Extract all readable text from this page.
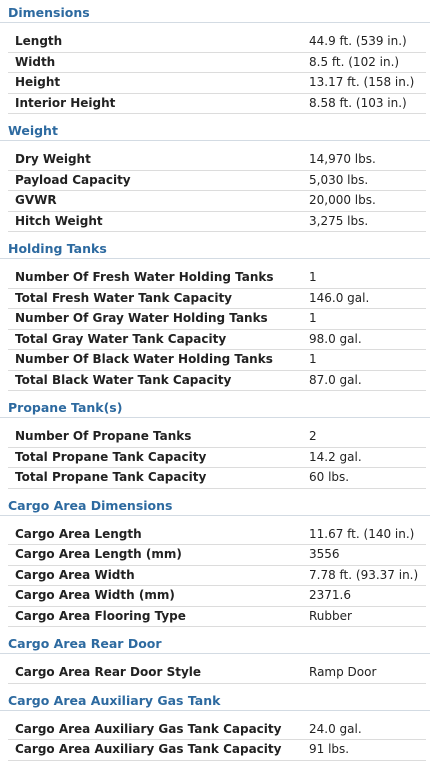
Dimensions
Length	44.9 ft. (539 in.)
Width	8.5 ft. (102 in.)
Height	13.17 ft. (158 in.)
Interior Height	8.58 ft. (103 in.)
Weight
Dry Weight	14,970 lbs.
Payload Capacity	5,030 lbs.
GVWR	20,000 lbs.
Hitch Weight	3,275 lbs.
Holding Tanks
Number Of Fresh Water Holding Tanks	1
Total Fresh Water Tank Capacity	146.0 gal.
Number Of Gray Water Holding Tanks	1
Total Gray Water Tank Capacity	98.0 gal.
Number Of Black Water Holding Tanks	1
Total Black Water Tank Capacity	87.0 gal.
Propane Tank(s)
Number Of Propane Tanks	2
Total Propane Tank Capacity	14.2 gal.
Total Propane Tank Capacity	60 lbs.
Cargo Area Dimensions
Cargo Area Length	11.67 ft. (140 in.)
Cargo Area Length (mm)	3556
Cargo Area Width	7.78 ft. (93.37 in.)
Cargo Area Width (mm)	2371.6
Cargo Area Flooring Type	Rubber
Cargo Area Rear Door
Cargo Area Rear Door Style	Ramp Door
Cargo Area Auxiliary Gas Tank
Cargo Area Auxiliary Gas Tank Capacity	24.0 gal.
Cargo Area Auxiliary Gas Tank Capacity	91 lbs.
